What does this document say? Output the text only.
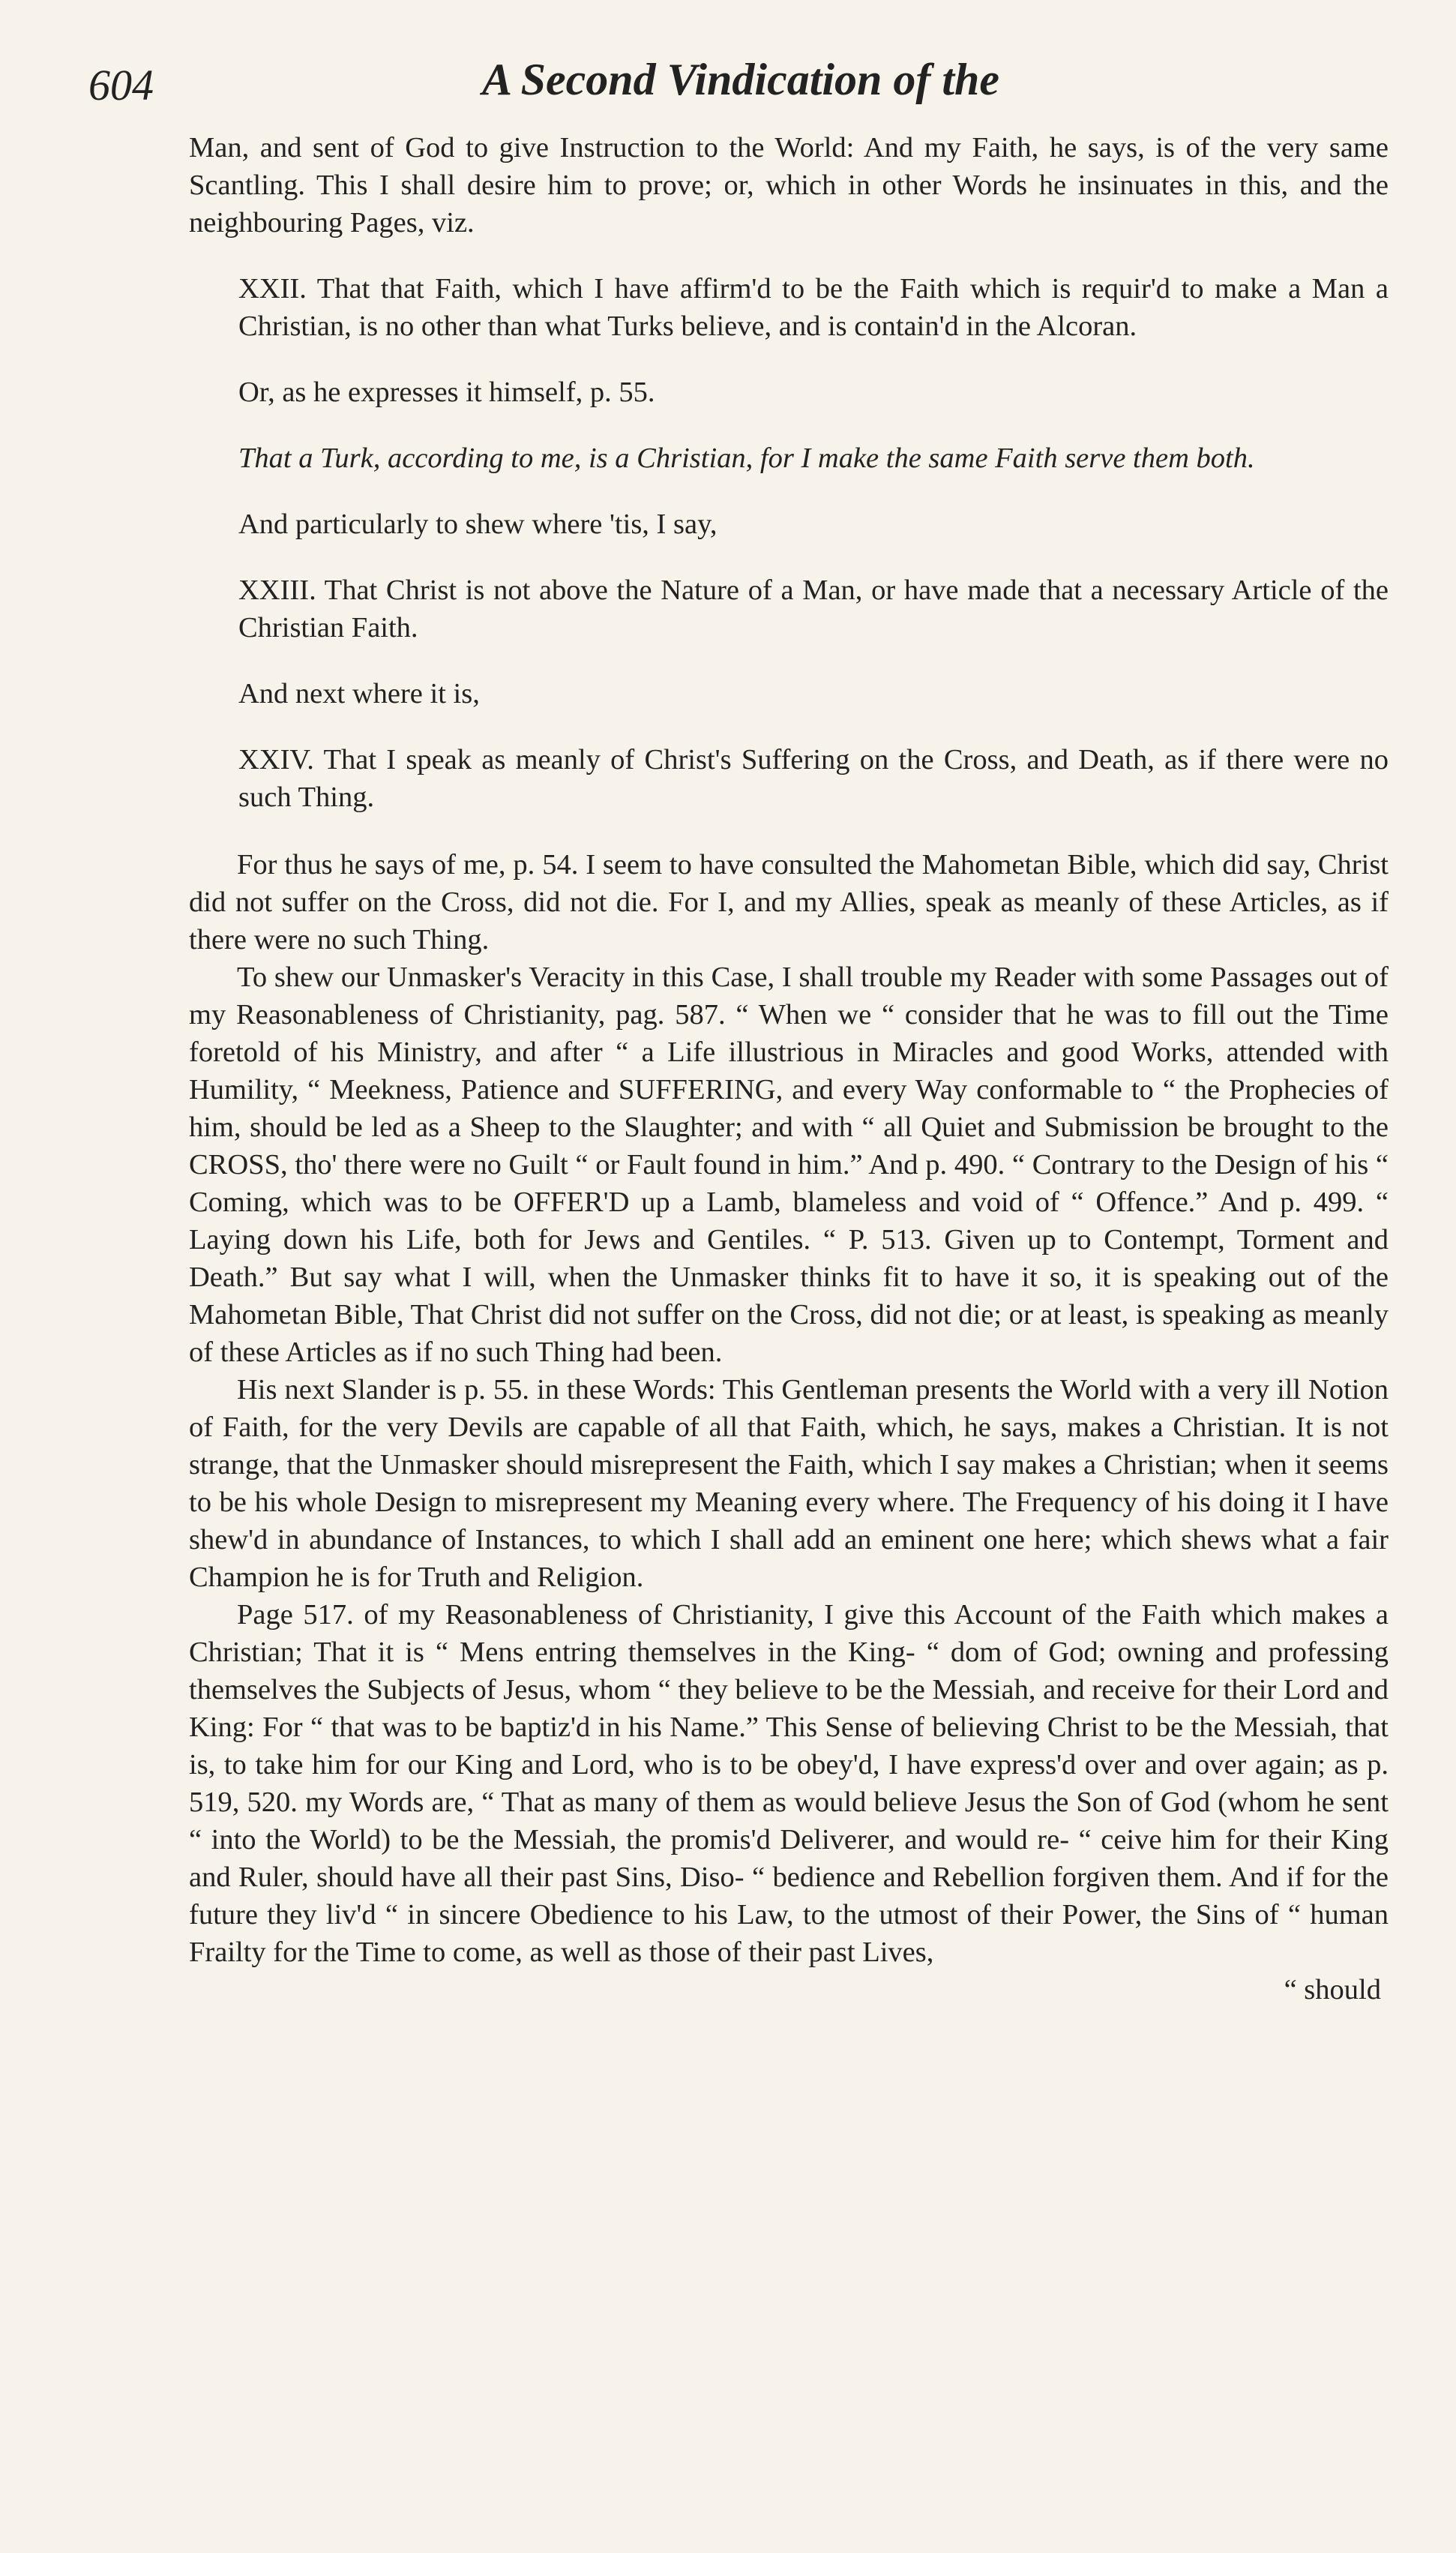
604	A Second Vindication of the

Man, and sent of God to give Instruction to the World: And my Faith, he says, is of the very same Scantling. This I shall desire him to prove; or, which in other Words he insinuates in this, and the neighbouring Pages, viz.

XXII. That that Faith, which I have affirm'd to be the Faith which is requir'd to make a Man a Christian, is no other than what Turks believe, and is contain'd in the Alcoran.

Or, as he expresses it himself, p. 55.

That a Turk, according to me, is a Christian, for I make the same Faith serve them both.

And particularly to shew where 'tis, I say,

XXIII. That Christ is not above the Nature of a Man, or have made that a necessary Article of the Christian Faith.

And next where it is,

XXIV. That I speak as meanly of Christ's Suffering on the Cross, and Death, as if there were no such Thing.

For thus he says of me, p. 54. I seem to have consulted the Mahometan Bible, which did say, Christ did not suffer on the Cross, did not die. For I, and my Allies, speak as meanly of these Articles, as if there were no such Thing.

To shew our Unmasker's Veracity in this Case, I shall trouble my Reader with some Passages out of my Reasonableness of Christianity, pag. 587. “ When we “ consider that he was to fill out the Time foretold of his Ministry, and after “ a Life illustrious in Miracles and good Works, attended with Humility, “ Meekness, Patience and SUFFERING, and every Way conformable to “ the Prophecies of him, should be led as a Sheep to the Slaughter; and with “ all Quiet and Submission be brought to the CROSS, tho' there were no Guilt “ or Fault found in him.” And p. 490. “ Contrary to the Design of his “ Coming, which was to be OFFER'D up a Lamb, blameless and void of “ Offence.” And p. 499. “ Laying down his Life, both for Jews and Gentiles. “ P. 513. Given up to Contempt, Torment and Death.” But say what I will, when the Unmasker thinks fit to have it so, it is speaking out of the Mahometan Bible, That Christ did not suffer on the Cross, did not die; or at least, is speaking as meanly of these Articles as if no such Thing had been.

His next Slander is p. 55. in these Words: This Gentleman presents the World with a very ill Notion of Faith, for the very Devils are capable of all that Faith, which, he says, makes a Christian. It is not strange, that the Unmasker should misrepresent the Faith, which I say makes a Christian; when it seems to be his whole Design to misrepresent my Meaning every where. The Frequency of his doing it I have shew'd in abundance of Instances, to which I shall add an eminent one here; which shews what a fair Champion he is for Truth and Religion.

Page 517. of my Reasonableness of Christianity, I give this Account of the Faith which makes a Christian; That it is “ Mens entring themselves in the King- “ dom of God; owning and professing themselves the Subjects of Jesus, whom “ they believe to be the Messiah, and receive for their Lord and King: For “ that was to be baptiz'd in his Name.” This Sense of believing Christ to be the Messiah, that is, to take him for our King and Lord, who is to be obey'd, I have express'd over and over again; as p. 519, 520. my Words are, “ That as many of them as would believe Jesus the Son of God (whom he sent “ into the World) to be the Messiah, the promis'd Deliverer, and would re- “ ceive him for their King and Ruler, should have all their past Sins, Diso- “ bedience and Rebellion forgiven them. And if for the future they liv'd “ in sincere Obedience to his Law, to the utmost of their Power, the Sins of “ human Frailty for the Time to come, as well as those of their past Lives,

“ should
